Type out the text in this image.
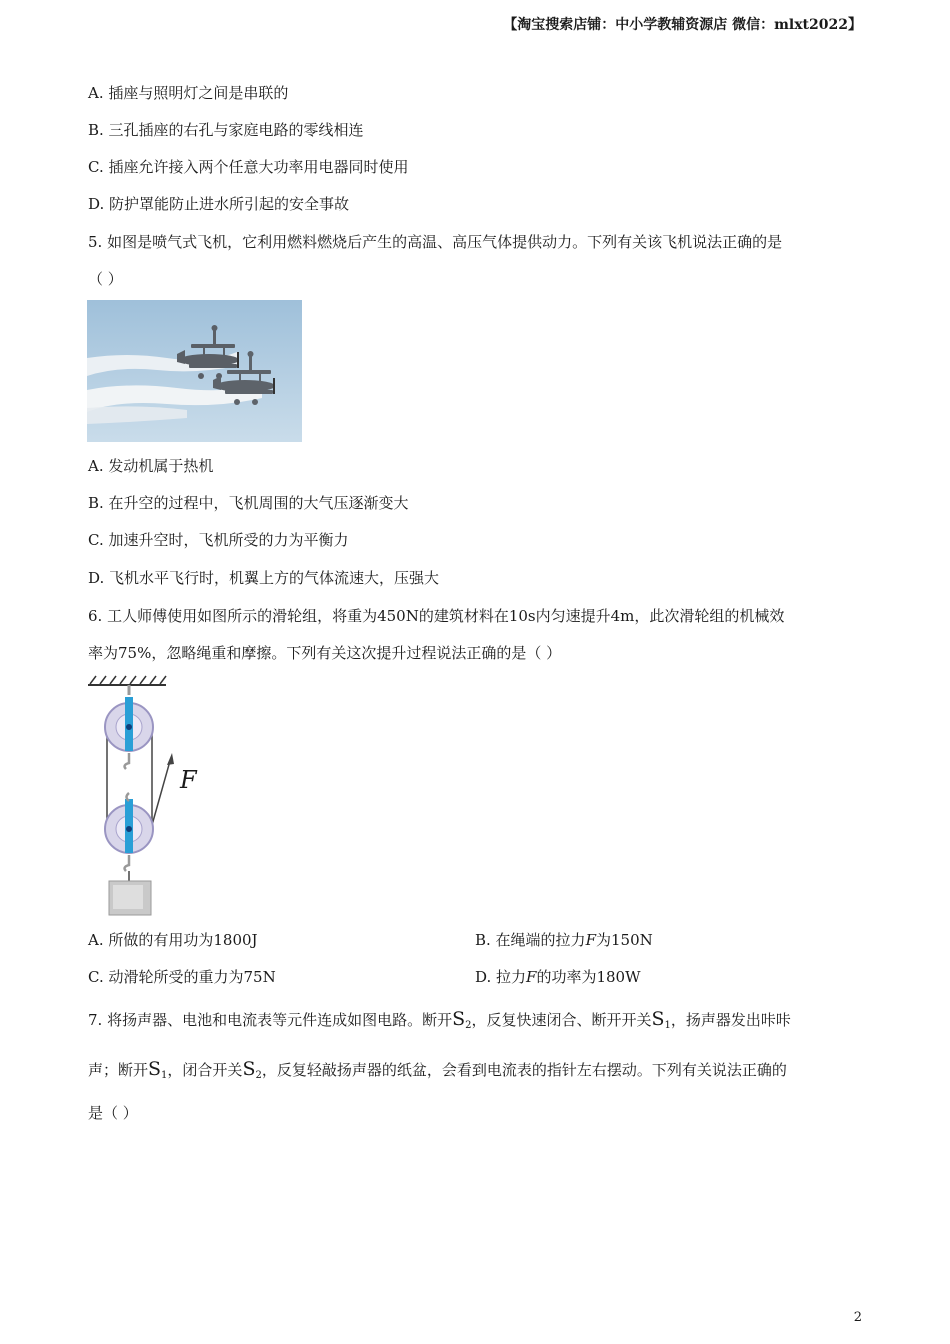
【淘宝搜索店铺：中小学教辅资源店 微信：mlxt2022】
A. 插座与照明灯之间是串联的
B. 三孔插座的右孔与家庭电路的零线相连
C. 插座允许接入两个任意大功率用电器同时使用
D. 防护罩能防止进水所引起的安全事故
5. 如图是喷气式飞机，它利用燃料燃烧后产生的高温、高压气体提供动力。下列有关该飞机说法正确的是
（ ）
A. 发动机属于热机
B. 在升空的过程中，飞机周围的大气压逐渐变大
C. 加速升空时，飞机所受的力为平衡力
D. 飞机水平飞行时，机翼上方的气体流速大，压强大
6. 工人师傅使用如图所示的滑轮组，将重为450N的建筑材料在10s内匀速提升4m，此次滑轮组的机械效
率为75%，忽略绳重和摩擦。下列有关这次提升过程说法正确的是（ ）
F
A. 所做的有用功为1800J	B. 在绳端的拉力F为150N
C. 动滑轮所受的重力为75N	D. 拉力F的功率为180W
7. 将扬声器、电池和电流表等元件连成如图电路。断开$S_2$，反复快速闭合、断开开关$S_1$，扬声器发出咔咔
声；断开$S_1$，闭合开关$S_2$，反复轻敲扬声器的纸盆，会看到电流表的指针左右摆动。下列有关说法正确的
是（ ）
2
